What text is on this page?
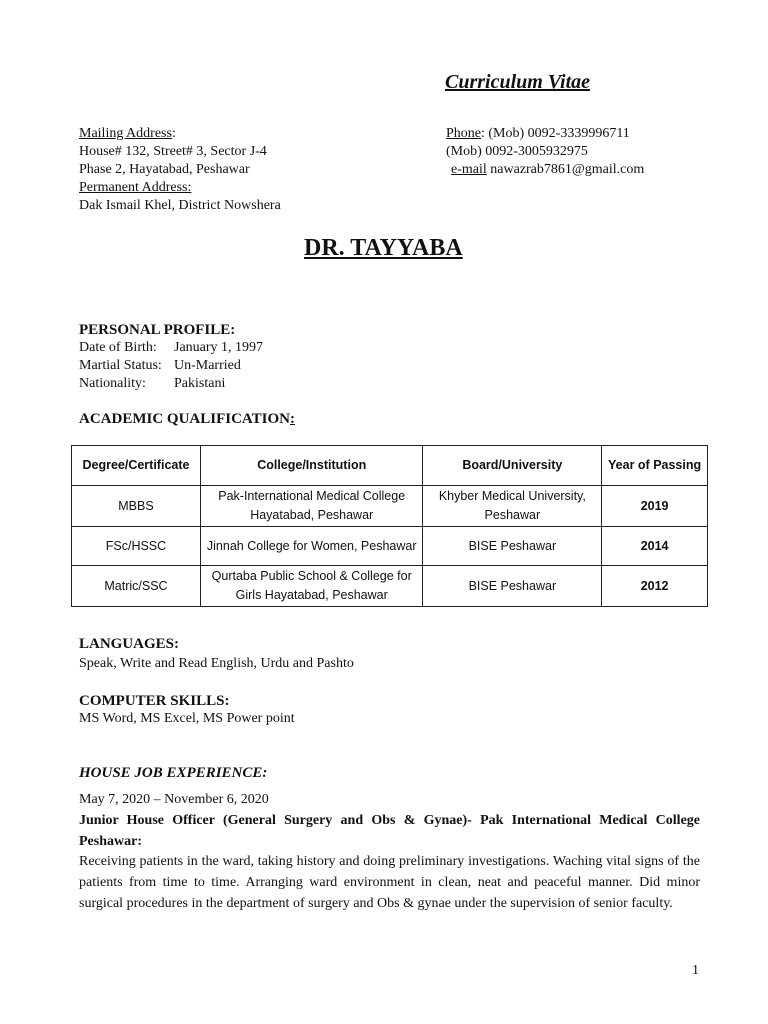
Curriculum Vitae
Mailing Address:
House# 132, Street# 3, Sector J-4
Phase 2, Hayatabad, Peshawar
Permanent Address:
Dak Ismail Khel, District Nowshera
Phone: (Mob) 0092-3339996711
(Mob) 0092-3005932975
e-mail nawazrab7861@gmail.com
DR. TAYYABA
PERSONAL PROFILE:
Date of Birth: January 1, 1997
Martial Status: Un-Married
Nationality: Pakistani
ACADEMIC QUALIFICATION:
Degree/Certificate	College/Institution	Board/University	Year of Passing
MBBS	Pak-International Medical College Hayatabad, Peshawar	Khyber Medical University, Peshawar	2019
FSc/HSSC	Jinnah College for Women, Peshawar	BISE Peshawar	2014
Matric/SSC	Qurtaba Public School & College for Girls Hayatabad, Peshawar	BISE Peshawar	2012
LANGUAGES:
Speak, Write and Read English, Urdu and Pashto
COMPUTER SKILLS:
MS Word, MS Excel, MS Power point
HOUSE JOB EXPERIENCE:
May 7, 2020 – November 6, 2020
Junior House Officer (General Surgery and Obs & Gynae)- Pak International Medical College Peshawar:
Receiving patients in the ward, taking history and doing preliminary investigations. Waching vital signs of the patients from time to time. Arranging ward environment in clean, neat and peaceful manner. Did minor surgical procedures in the department of surgery and Obs & gynae under the supervision of senior faculty.
1
